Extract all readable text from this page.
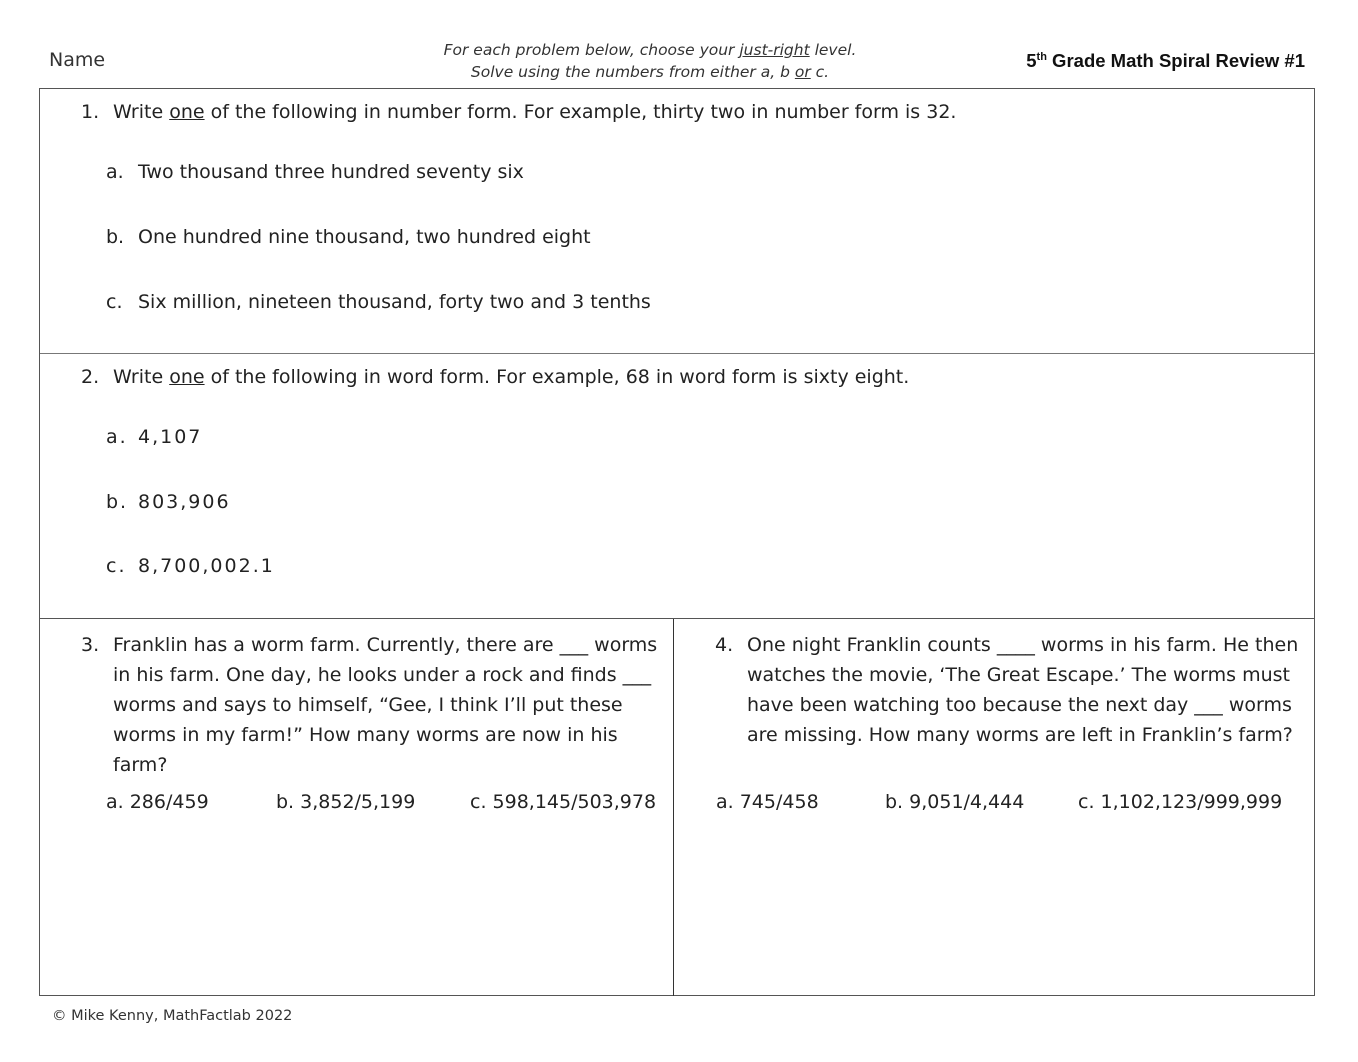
Name	For each problem below, choose your just-right level.
Solve using the numbers from either a, b or c.
5th Grade Math Spiral Review #1
1. Write one of the following in number form. For example, thirty two in number form is 32.
a. Two thousand three hundred seventy six
b. One hundred nine thousand, two hundred eight
c. Six million, nineteen thousand, forty two and 3 tenths
2. Write one of the following in word form. For example, 68 in word form is sixty eight.
a. 4,107
b. 803,906
c. 8,700,002.1
3. Franklin has a worm farm. Currently, there are ___ worms in his farm. One day, he looks under a rock and finds ___ worms and says to himself, “Gee, I think I’ll put these worms in my farm!” How many worms are now in his farm?
a. 286/459	b. 3,852/5,199	c. 598,145/503,978
4. One night Franklin counts ____ worms in his farm. He then watches the movie, ‘The Great Escape.’ The worms must have been watching too because the next day ___ worms are missing. How many worms are left in Franklin’s farm?
a. 745/458	b. 9,051/4,444	c. 1,102,123/999,999
© Mike Kenny, MathFactlab 2022
